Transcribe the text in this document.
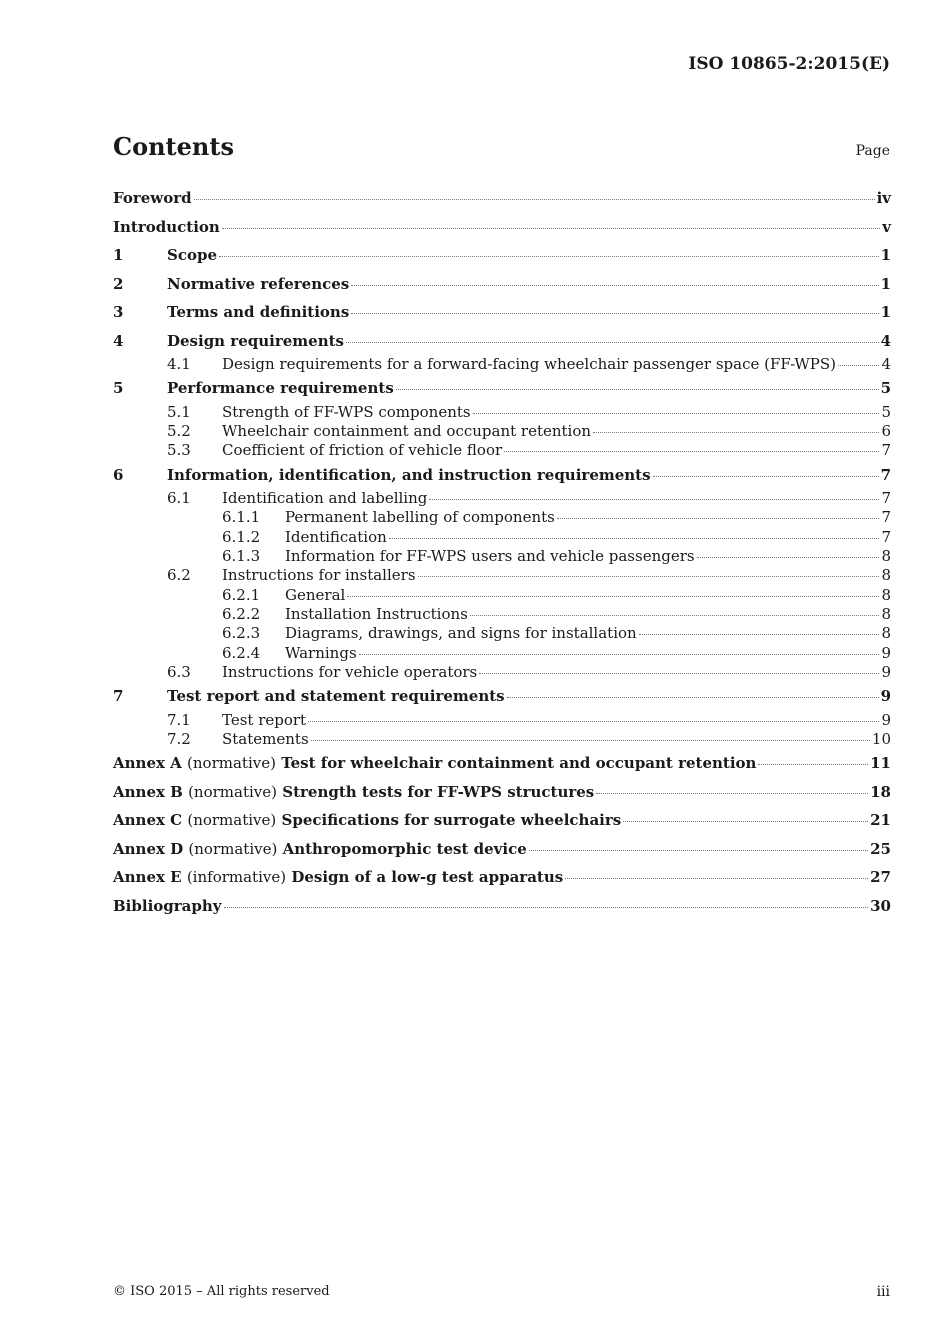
ISO 10865-2:2015(E)
Contents	Page
Foreword	iv
Introduction	v
1	Scope	1
2	Normative references	1
3	Terms and definitions	1
4	Design requirements	4
4.1	Design requirements for a forward-facing wheelchair passenger space (FF-WPS)	4
5	Performance requirements	5
5.1	Strength of FF-WPS components	5
5.2	Wheelchair containment and occupant retention	6
5.3	Coefficient of friction of vehicle floor	7
6	Information, identification, and instruction requirements	7
6.1	Identification and labelling	7
6.1.1	Permanent labelling of components	7
6.1.2	Identification	7
6.1.3	Information for FF-WPS users and vehicle passengers	8
6.2	Instructions for installers	8
6.2.1	General	8
6.2.2	Installation Instructions	8
6.2.3	Diagrams, drawings, and signs for installation	8
6.2.4	Warnings	9
6.3	Instructions for vehicle operators	9
7	Test report and statement requirements	9
7.1	Test report	9
7.2	Statements	10
Annex A (normative) Test for wheelchair containment and occupant retention	11
Annex B (normative) Strength tests for FF-WPS structures	18
Annex C (normative) Specifications for surrogate wheelchairs	21
Annex D (normative) Anthropomorphic test device	25
Annex E (informative) Design of a low-g test apparatus	27
Bibliography	30
© ISO 2015 – All rights reserved	iii
